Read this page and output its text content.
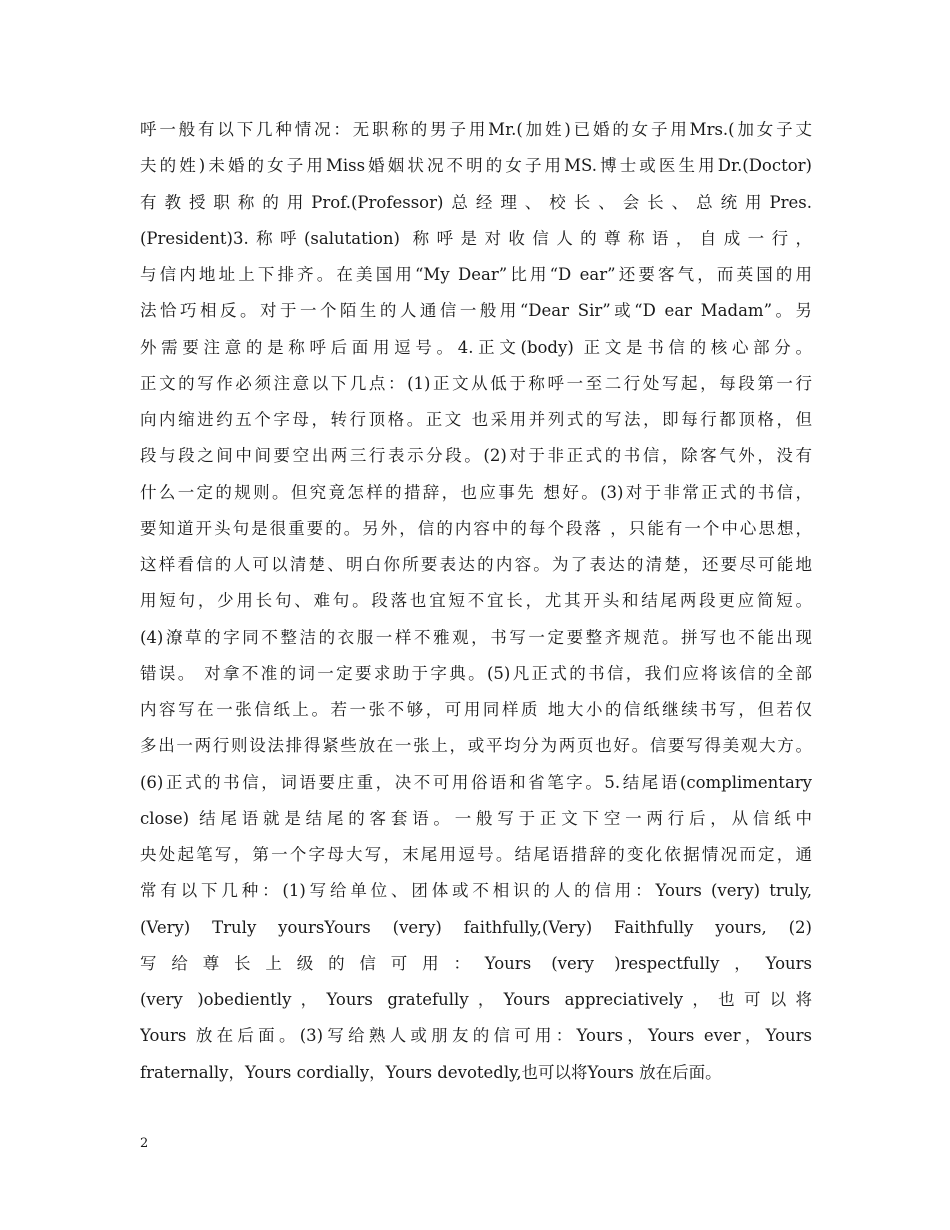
呼一般有以下几种情况：无职称的男子用Mr.(加姓)已婚的女子用Mrs.(加女子丈
夫的姓)未婚的女子用Miss婚姻状况不明的女子用MS.博士或医生用Dr.(Doctor)
有教授职称的用Prof.(Professor)总经理、校长、会长、总统用Pres.
(President)3.称呼(salutation) 称呼是对收信人的尊称语，自成一行，
与信内地址上下排齐。在美国用“My Dear”比用“D ear”还要客气，而英国的用
法恰巧相反。对于一个陌生的人通信一般用“Dear Sir”或“D ear Madam”。另
外需要注意的是称呼后面用逗号。4.正文(body) 正文是书信的核心部分。
正文的写作必须注意以下几点：(1)正文从低于称呼一至二行处写起，每段第一行
向内缩进约五个字母，转行顶格。正文 也采用并列式的写法，即每行都顶格，但
段与段之间中间要空出两三行表示分段。(2)对于非正式的书信，除客气外，没有
什么一定的规则。但究竟怎样的措辞，也应事先 想好。(3)对于非常正式的书信，
要知道开头句是很重要的。另外，信的内容中的每个段落 ，只能有一个中心思想，
这样看信的人可以清楚、明白你所要表达的内容。为了表达的清楚，还要尽可能地
用短句，少用长句、难句。段落也宜短不宜长，尤其开头和结尾两段更应简短。
(4)潦草的字同不整洁的衣服一样不雅观，书写一定要整齐规范。拼写也不能出现
错误。 对拿不准的词一定要求助于字典。(5)凡正式的书信，我们应将该信的全部
内容写在一张信纸上。若一张不够，可用同样质 地大小的信纸继续书写，但若仅
多出一两行则设法排得紧些放在一张上，或平均分为两页也好。信要写得美观大方。
(6)正式的书信，词语要庄重，决不可用俗语和省笔字。5.结尾语(complimentary
close) 结尾语就是结尾的客套语。一般写于正文下空一两行后，从信纸中
央处起笔写，第一个字母大写，末尾用逗号。结尾语措辞的变化依据情况而定，通
常有以下几种：(1)写给单位、团体或不相识的人的信用：Yours (very) truly,
(Very) Truly yoursYours (very) faithfully,(Very) Faithfully yours, (2)
写给尊长上级的信可用：Yours (very )respectfully，Yours
(very )obediently，Yours gratefully，Yours appreciatively，也可以将
Yours 放在后面。(3)写给熟人或朋友的信可用：Yours，Yours ever，Yours
fraternally，Yours cordially，Yours devotedly,也可以将Yours 放在后面。
2
